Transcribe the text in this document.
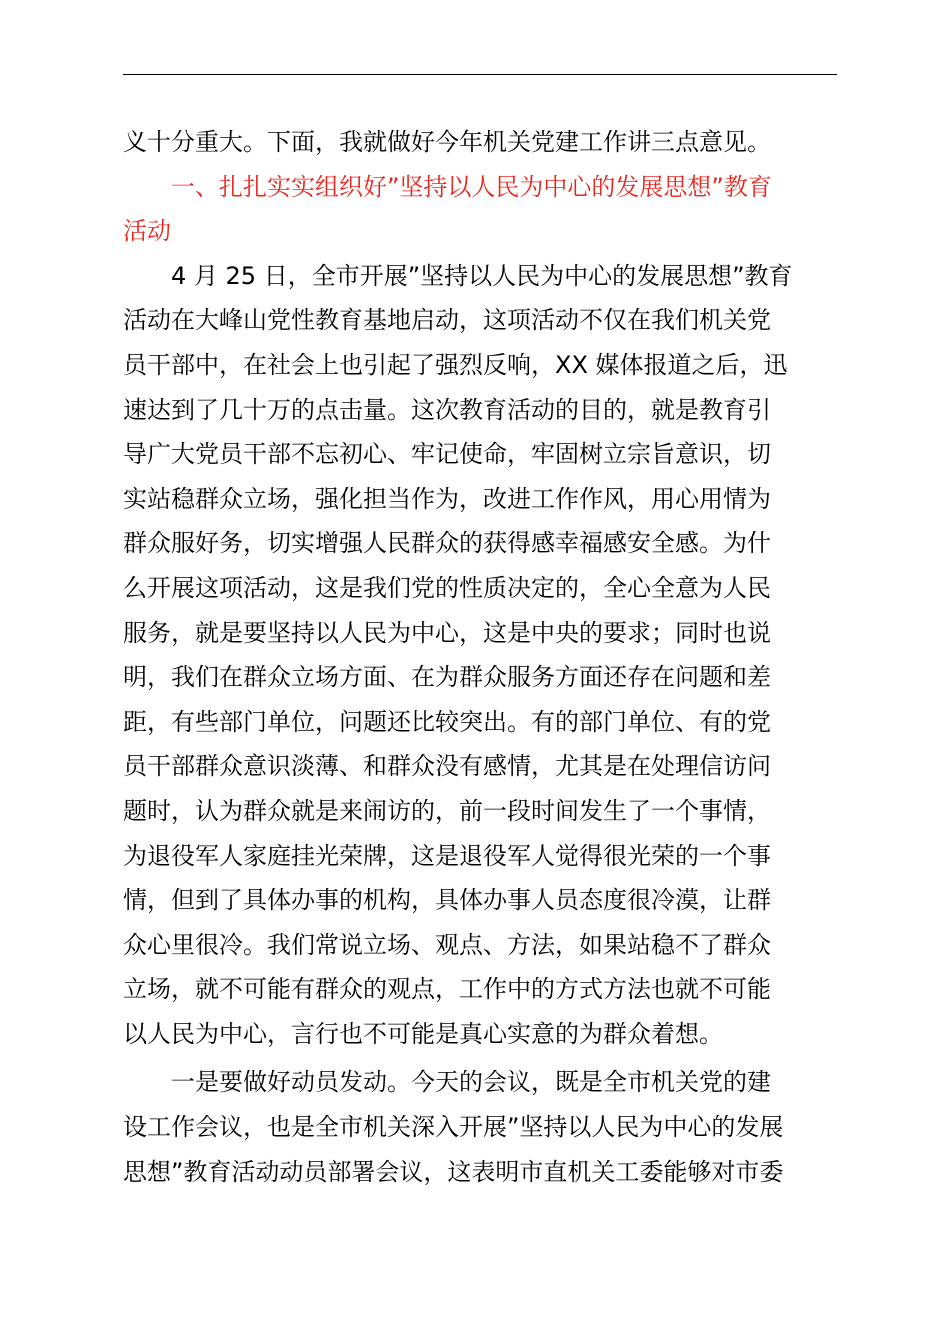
义十分重大。下面，我就做好今年机关党建工作讲三点意见。

一、扎扎实实组织好”坚持以人民为中心的发展思想”教育
活动

4 月 25 日，全市开展”坚持以人民为中心的发展思想”教育
活动在大峰山党性教育基地启动，这项活动不仅在我们机关党
员干部中，在社会上也引起了强烈反响，XX 媒体报道之后，迅
速达到了几十万的点击量。这次教育活动的目的，就是教育引
导广大党员干部不忘初心、牢记使命，牢固树立宗旨意识，切
实站稳群众立场，强化担当作为，改进工作作风，用心用情为
群众服好务，切实增强人民群众的获得感幸福感安全感。为什
么开展这项活动，这是我们党的性质决定的，全心全意为人民
服务，就是要坚持以人民为中心，这是中央的要求；同时也说
明，我们在群众立场方面、在为群众服务方面还存在问题和差
距，有些部门单位，问题还比较突出。有的部门单位、有的党
员干部群众意识淡薄、和群众没有感情，尤其是在处理信访问
题时，认为群众就是来闹访的，前一段时间发生了一个事情，
为退役军人家庭挂光荣牌，这是退役军人觉得很光荣的一个事
情，但到了具体办事的机构，具体办事人员态度很冷漠，让群
众心里很冷。我们常说立场、观点、方法，如果站稳不了群众
立场，就不可能有群众的观点，工作中的方式方法也就不可能
以人民为中心，言行也不可能是真心实意的为群众着想。

一是要做好动员发动。今天的会议，既是全市机关党的建
设工作会议，也是全市机关深入开展”坚持以人民为中心的发展
思想”教育活动动员部署会议，这表明市直机关工委能够对市委
